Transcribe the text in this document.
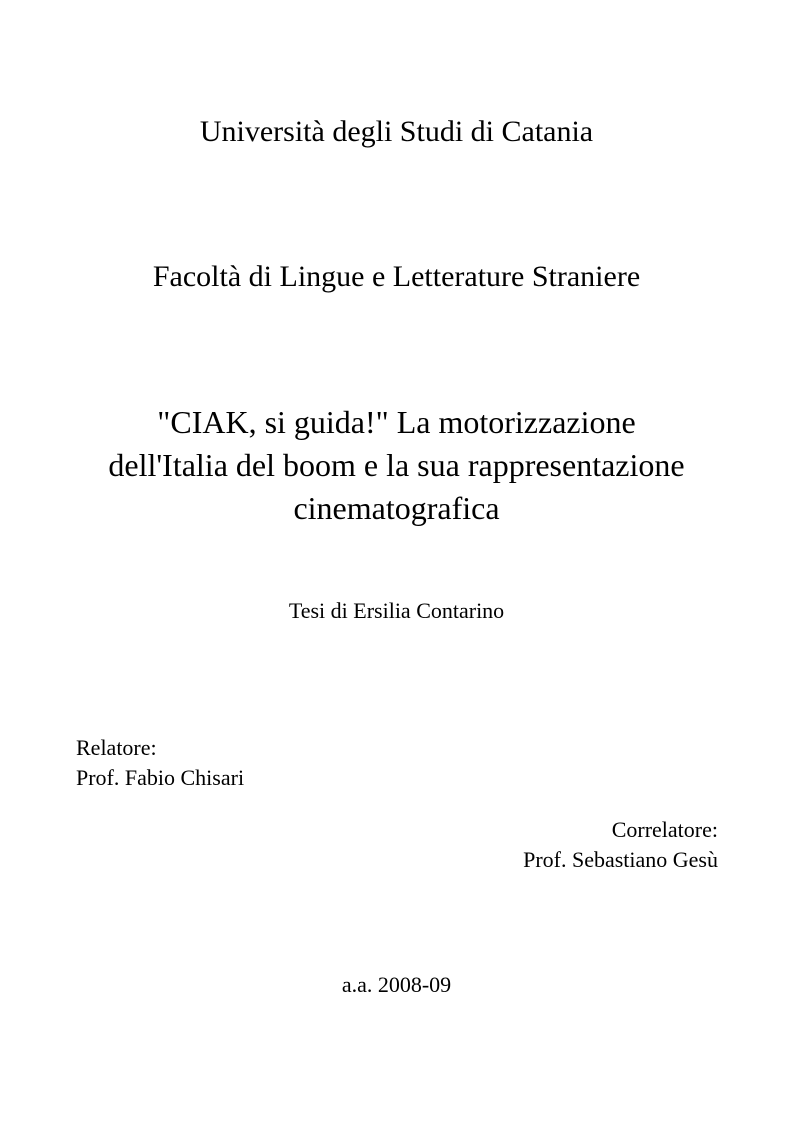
Università degli Studi di Catania

Facoltà di Lingue e Letterature Straniere

"CIAK, si guida!" La motorizzazione
dell'Italia del boom e la sua rappresentazione
cinematografica

Tesi di Ersilia Contarino

Relatore:
Prof. Fabio Chisari
Correlatore:
Prof. Sebastiano Gesù

a.a. 2008-09
